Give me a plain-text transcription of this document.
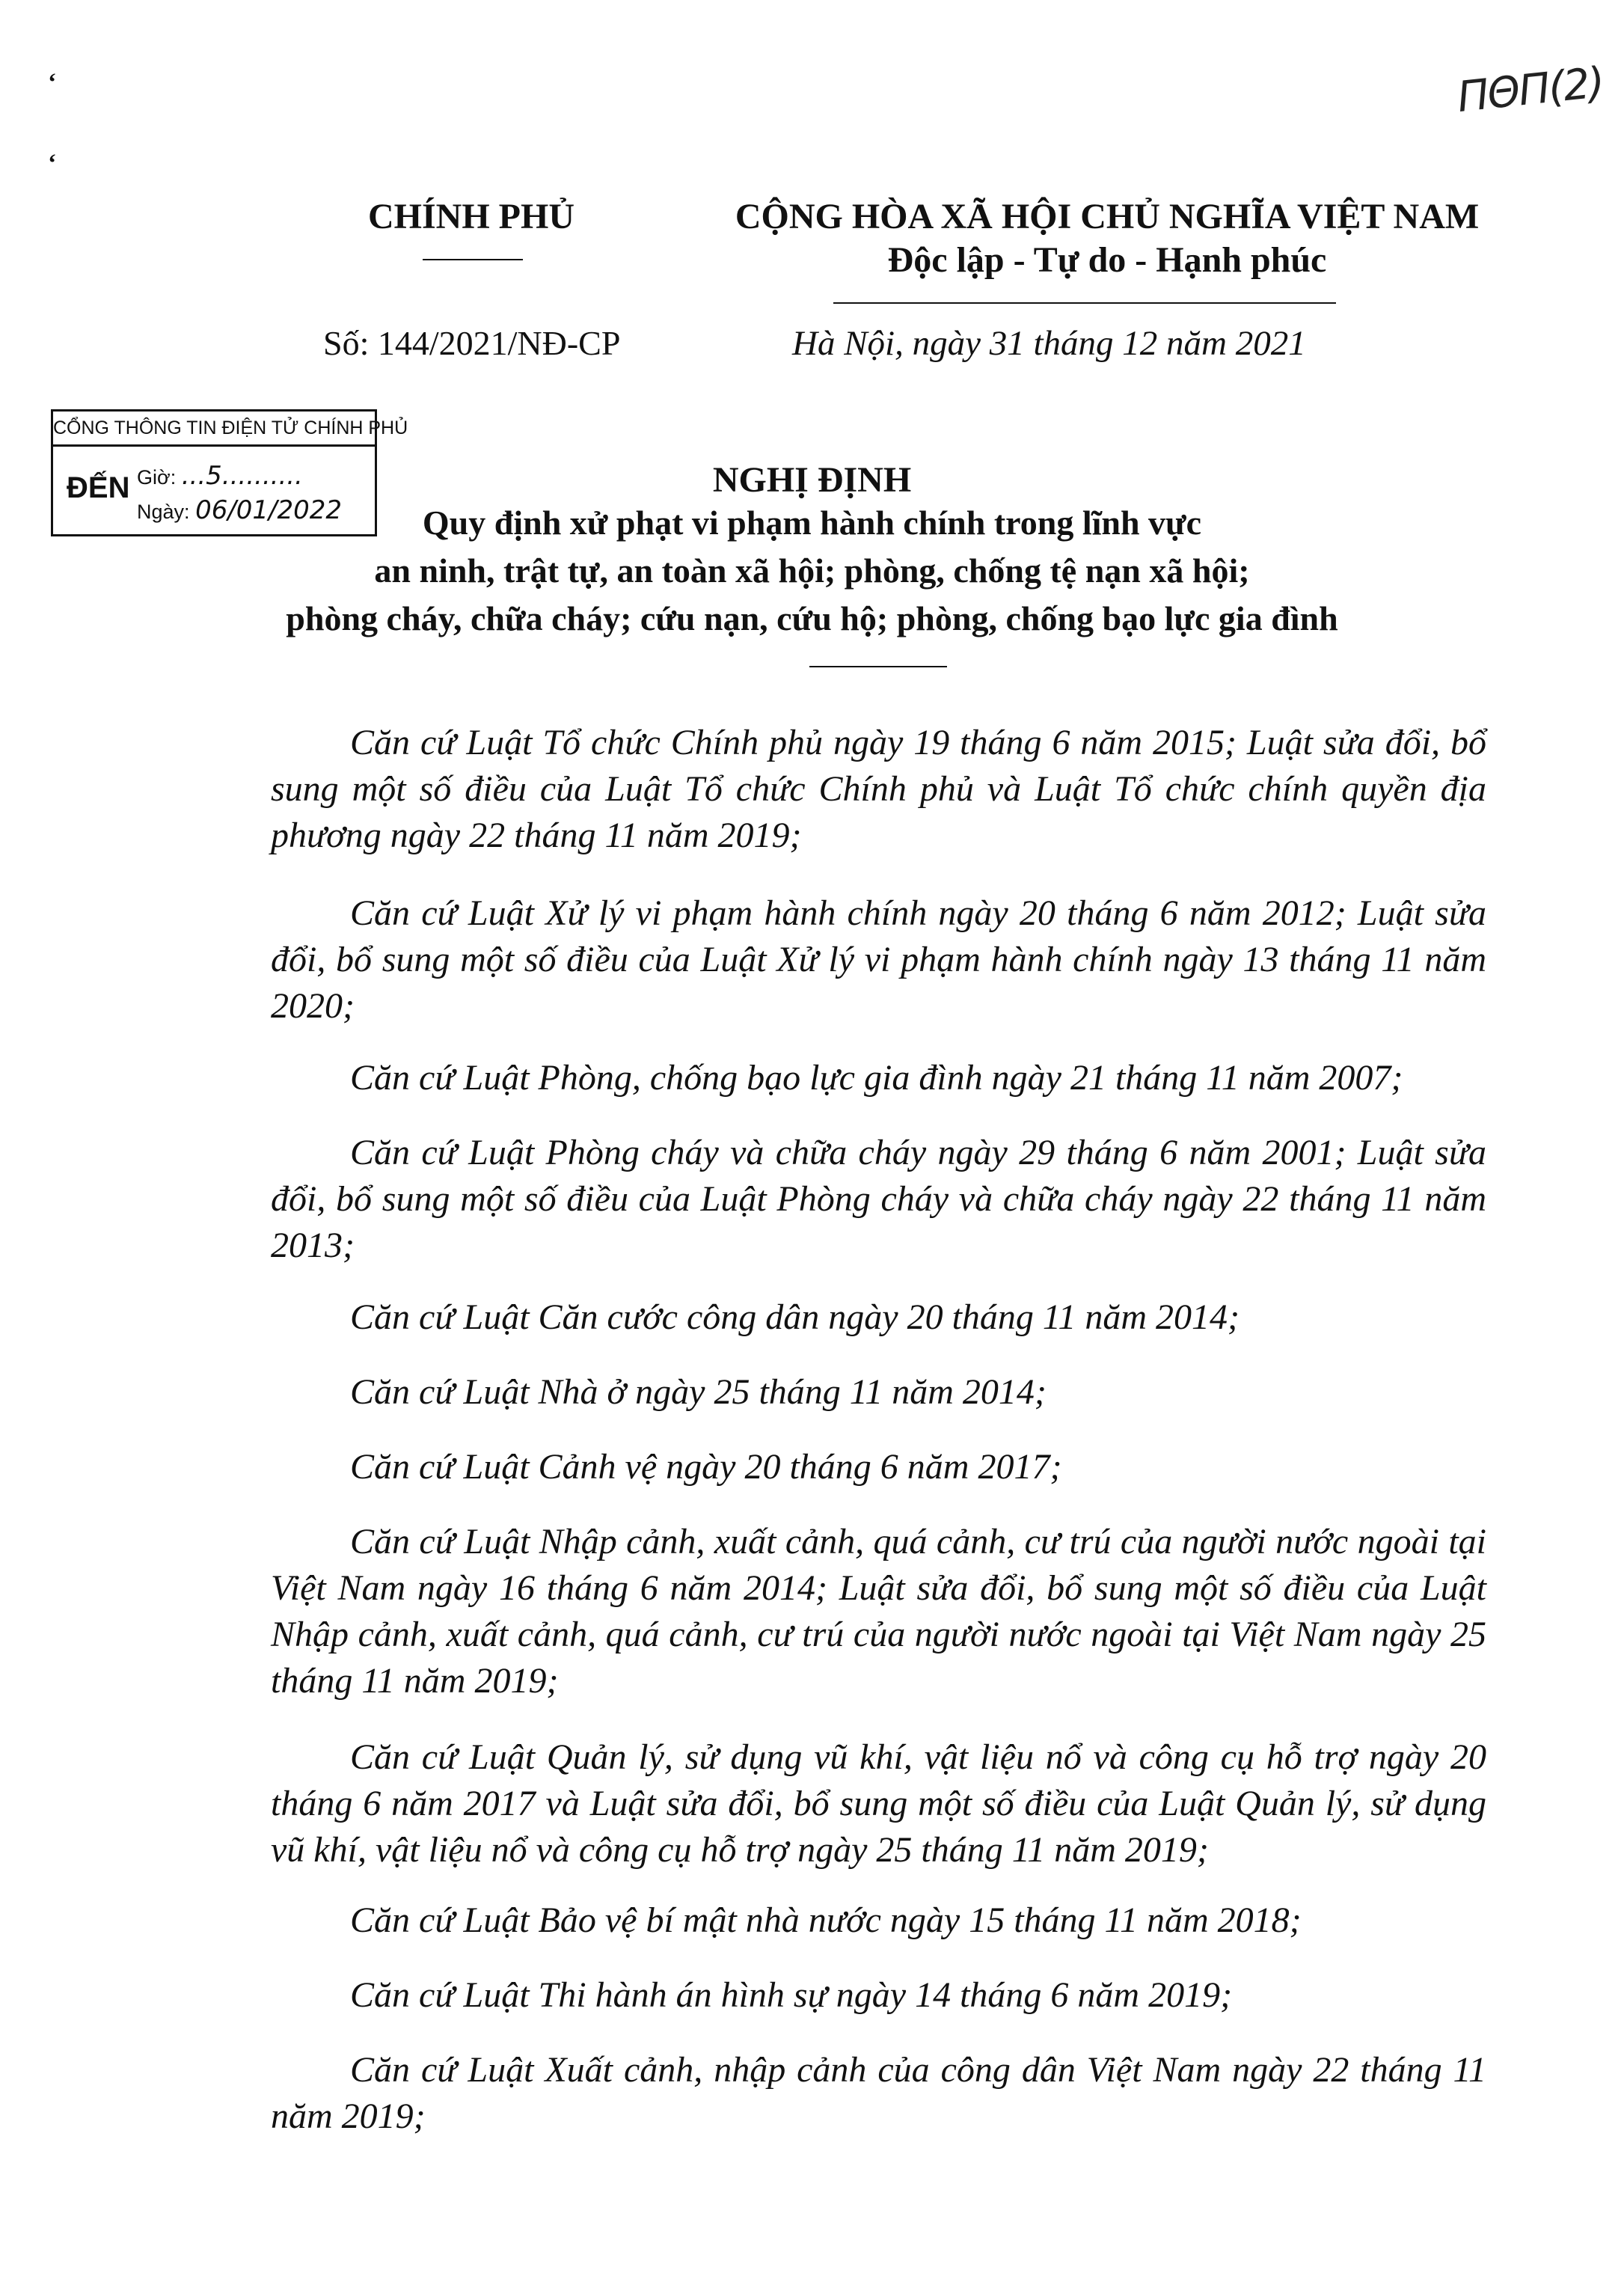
‘
ʻ
ΠΘΠ(2)
CHÍNH PHỦ	CỘNG HÒA XÃ HỘI CHỦ NGHĨA VIỆT NAM
Độc lập - Tự do - Hạnh phúc
Số: 144/2021/NĐ-CP	Hà Nội, ngày 31 tháng 12 năm 2021
CỔNG THÔNG TIN ĐIỆN TỬ CHÍNH PHỦ
ĐẾN Giờ: ...5..........
Ngày: 06/01/2022
NGHỊ ĐỊNH
Quy định xử phạt vi phạm hành chính trong lĩnh vực
an ninh, trật tự, an toàn xã hội; phòng, chống tệ nạn xã hội;
phòng cháy, chữa cháy; cứu nạn, cứu hộ; phòng, chống bạo lực gia đình
Căn cứ Luật Tổ chức Chính phủ ngày 19 tháng 6 năm 2015; Luật sửa đổi, bổ sung một số điều của Luật Tổ chức Chính phủ và Luật Tổ chức chính quyền địa phương ngày 22 tháng 11 năm 2019;
Căn cứ Luật Xử lý vi phạm hành chính ngày 20 tháng 6 năm 2012; Luật sửa đổi, bổ sung một số điều của Luật Xử lý vi phạm hành chính ngày 13 tháng 11 năm 2020;
Căn cứ Luật Phòng, chống bạo lực gia đình ngày 21 tháng 11 năm 2007;
Căn cứ Luật Phòng cháy và chữa cháy ngày 29 tháng 6 năm 2001; Luật sửa đổi, bổ sung một số điều của Luật Phòng cháy và chữa cháy ngày 22 tháng 11 năm 2013;
Căn cứ Luật Căn cước công dân ngày 20 tháng 11 năm 2014;
Căn cứ Luật Nhà ở ngày 25 tháng 11 năm 2014;
Căn cứ Luật Cảnh vệ ngày 20 tháng 6 năm 2017;
Căn cứ Luật Nhập cảnh, xuất cảnh, quá cảnh, cư trú của người nước ngoài tại Việt Nam ngày 16 tháng 6 năm 2014; Luật sửa đổi, bổ sung một số điều của Luật Nhập cảnh, xuất cảnh, quá cảnh, cư trú của người nước ngoài tại Việt Nam ngày 25 tháng 11 năm 2019;
Căn cứ Luật Quản lý, sử dụng vũ khí, vật liệu nổ và công cụ hỗ trợ ngày 20 tháng 6 năm 2017 và Luật sửa đổi, bổ sung một số điều của Luật Quản lý, sử dụng vũ khí, vật liệu nổ và công cụ hỗ trợ ngày 25 tháng 11 năm 2019;
Căn cứ Luật Bảo vệ bí mật nhà nước ngày 15 tháng 11 năm 2018;
Căn cứ Luật Thi hành án hình sự ngày 14 tháng 6 năm 2019;
Căn cứ Luật Xuất cảnh, nhập cảnh của công dân Việt Nam ngày 22 tháng 11 năm 2019;
